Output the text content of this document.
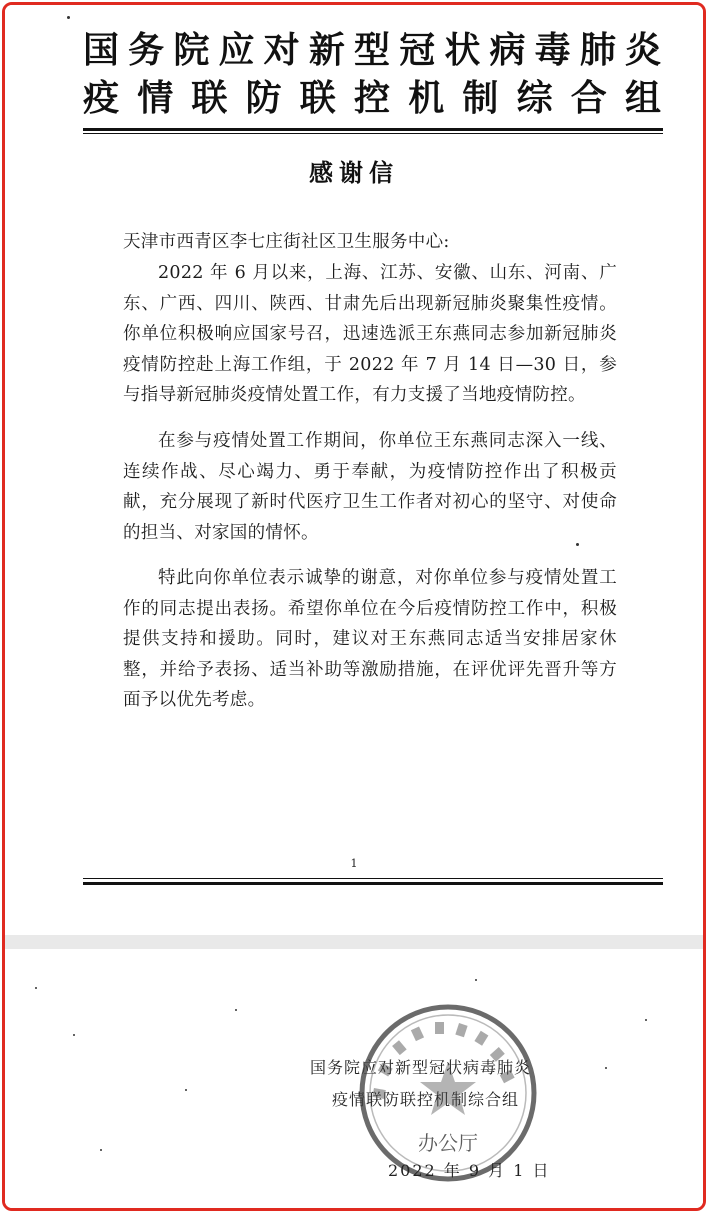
国务院应对新型冠状病毒肺炎
疫情联防联控机制综合组
感谢信
天津市西青区李七庄街社区卫生服务中心:

2022 年 6 月以来，上海、江苏、安徽、山东、河南、广东、广西、四川、陕西、甘肃先后出现新冠肺炎聚集性疫情。你单位积极响应国家号召，迅速选派王东燕同志参加新冠肺炎疫情防控赴上海工作组，于 2022 年 7 月 14 日—30 日，参与指导新冠肺炎疫情处置工作，有力支援了当地疫情防控。

在参与疫情处置工作期间，你单位王东燕同志深入一线、连续作战、尽心竭力、勇于奉献，为疫情防控作出了积极贡献，充分展现了新时代医疗卫生工作者对初心的坚守、对使命的担当、对家国的情怀。

特此向你单位表示诚挚的谢意，对你单位参与疫情处置工作的同志提出表扬。希望你单位在今后疫情防控工作中，积极提供支持和援助。同时，建议对王东燕同志适当安排居家休整，并给予表扬、适当补助等激励措施，在评优评先晋升等方面予以优先考虑。

1
国务院应对新型冠状病毒肺炎
疫情联防联控机制综合组
办公厅
2022 年 9 月 1 日
